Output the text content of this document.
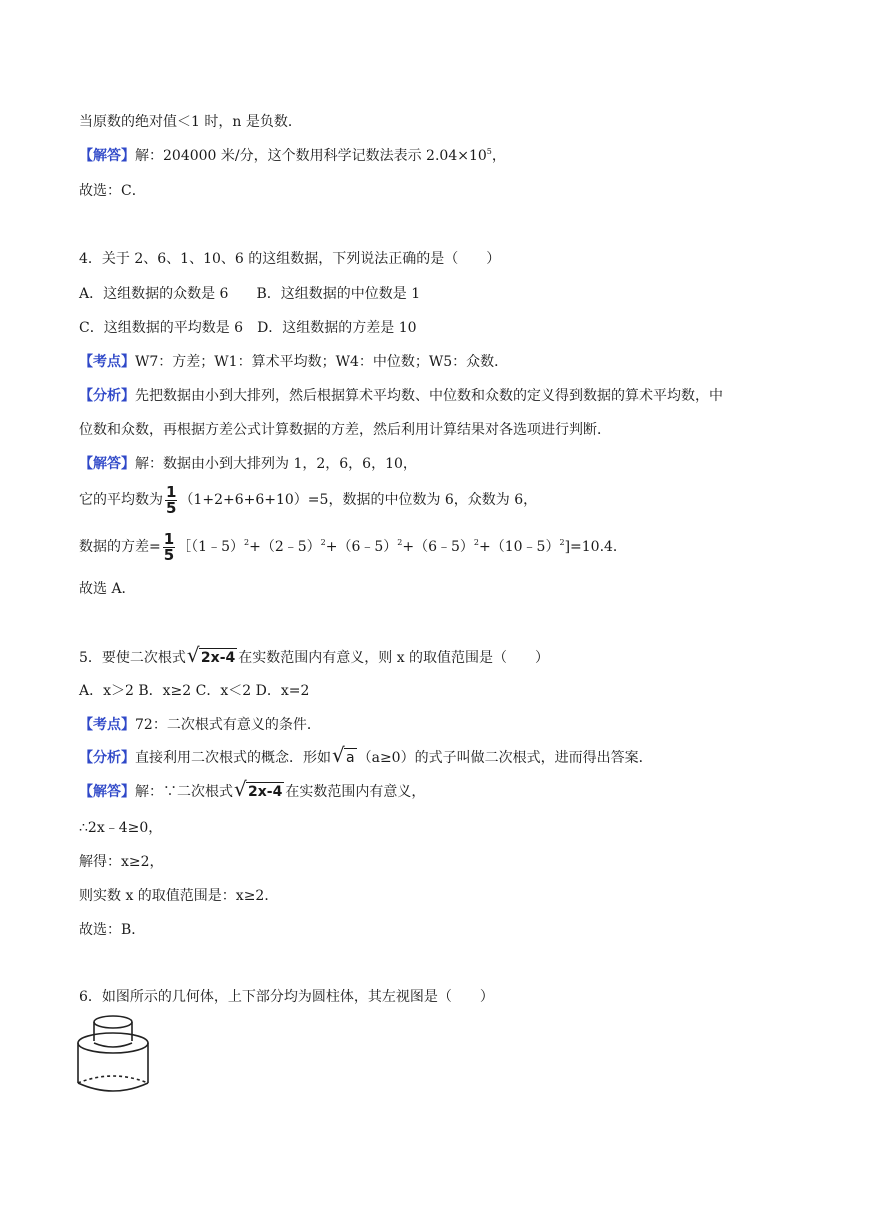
当原数的绝对值＜1 时，n 是负数．
【解答】解：204000 米/分，这个数用科学记数法表示 $2.04\times 10^5$，
故选：C．
4．关于 2、6、1、10、6 的这组数据，下列说法正确的是（　　）
A．这组数据的众数是 6　　B．这组数据的中位数是 1
C．这组数据的平均数是 6　D．这组数据的方差是 10
【考点】W7：方差；W1：算术平均数；W4：中位数；W5：众数．
【分析】先把数据由小到大排列，然后根据算术平均数、中位数和众数的定义得到数据的算术平均数，中
位数和众数，再根据方差公式计算数据的方差，然后利用计算结果对各选项进行判断．
【解答】解：数据由小到大排列为 1，2，6，6，10，
它的平均数为 $\frac{1}{5} (1+2+6+6+10)=5$，数据的中位数为 6，众数为 6，
数据的方差= $\frac{1}{5}$ ［（1﹣5）$^2$+（2﹣5）$^2$+（6﹣5）$^2$+（6﹣5）$^2$+（10﹣5）$^2$]=10.4．
故选 A．
5．要使二次根式 √ 2x-4 在实数范围内有意义，则 x 的取值范围是（　　）
A．x＞2 B．x≥2 C．x＜2 D．x=2
【考点】72：二次根式有意义的条件．
【分析】直接利用二次根式的概念．形如 √ a （a≥0）的式子叫做二次根式，进而得出答案．
【解答】解：∵二次根式 √ 2x-4 在实数范围内有意义，
∴2x﹣4≥0，
解得：x≥2，
则实数 x 的取值范围是：x≥2．
故选：B．
6．如图所示的几何体，上下部分均为圆柱体，其左视图是（　　）
